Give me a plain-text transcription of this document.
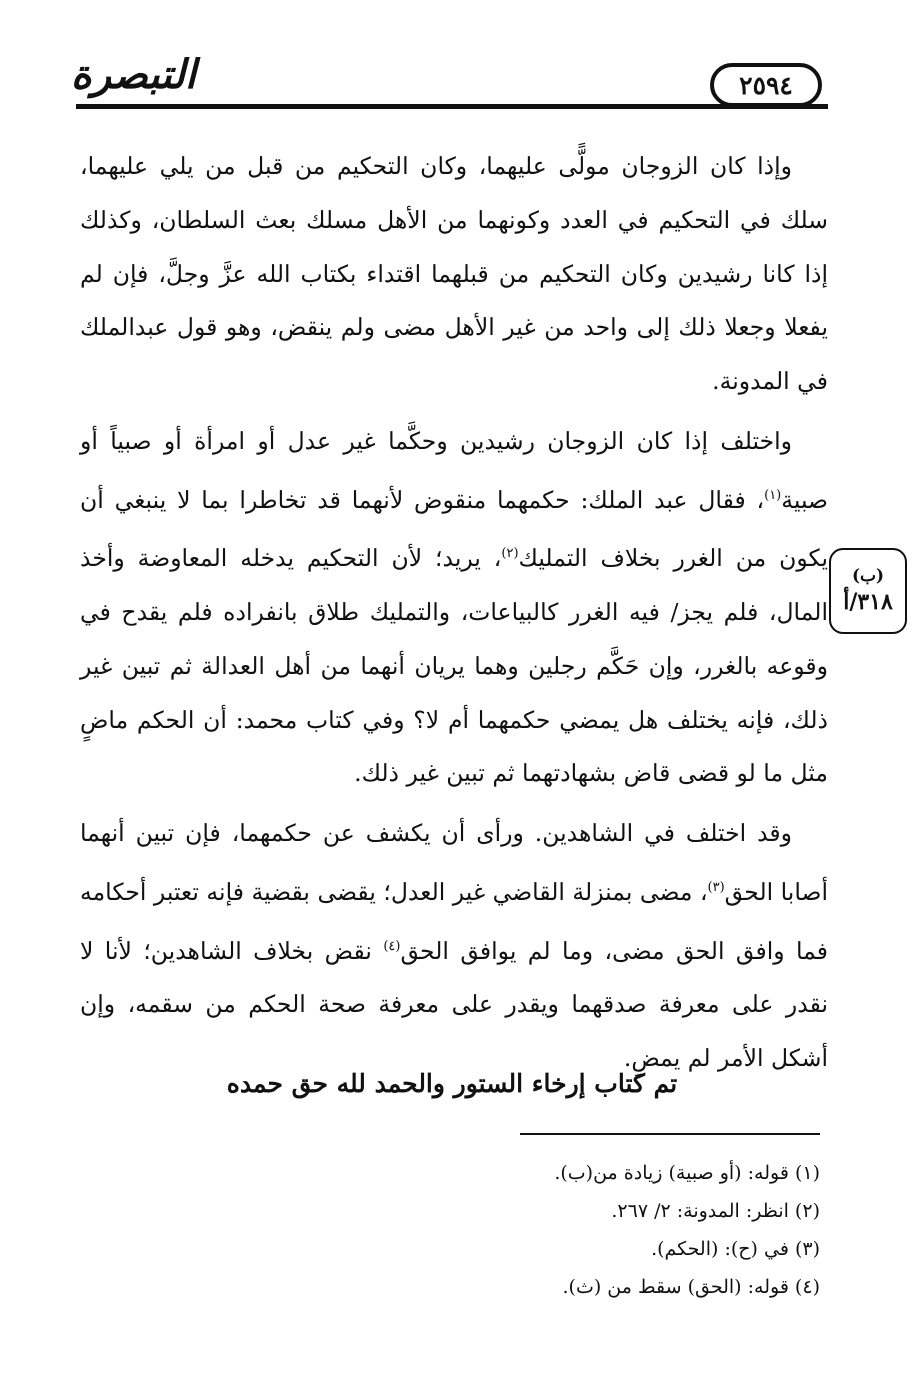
التبصرة	٢٥٩٤
(ب)
٣١٨/أ

وإذا كان الزوجان مولًّى عليهما، وكان التحكيم من قبل من يلي عليهما، سلك في التحكيم في العدد وكونهما من الأهل مسلك بعث السلطان، وكذلك إذا كانا رشيدين وكان التحكيم من قبلهما اقتداء بكتاب الله عزَّ وجلَّ، فإن لم يفعلا وجعلا ذلك إلى واحد من غير الأهل مضى ولم ينقض، وهو قول عبدالملك في المدونة.

واختلف إذا كان الزوجان رشيدين وحكَّما غير عدل أو امرأة أو صبياً أو صبية$^{(١)}$، فقال عبد الملك: حكمهما منقوض لأنهما قد تخاطرا بما لا ينبغي أن يكون من الغرر بخلاف التمليك$^{(٢)}$، يريد؛ لأن التحكيم يدخله المعاوضة وأخذ المال، فلم يجز/ فيه الغرر كالبياعات، والتمليك طلاق بانفراده فلم يقدح في وقوعه بالغرر، وإن حَكَّم رجلين وهما يريان أنهما من أهل العدالة ثم تبين غير ذلك، فإنه يختلف هل يمضي حكمهما أم لا؟ وفي كتاب محمد: أن الحكم ماضٍ مثل ما لو قضى قاض بشهادتهما ثم تبين غير ذلك.

وقد اختلف في الشاهدين. ورأى أن يكشف عن حكمهما، فإن تبين أنهما أصابا الحق$^{(٣)}$، مضى بمنزلة القاضي غير العدل؛ يقضى بقضية فإنه تعتبر أحكامه فما وافق الحق مضى، وما لم يوافق الحق$^{(٤)}$ نقض بخلاف الشاهدين؛ لأنا لا نقدر على معرفة صدقهما ويقدر على معرفة صحة الحكم من سقمه، وإن أشكل الأمر لم يمضِ.

تم كتاب إرخاء الستور والحمد لله حق حمده

(١) قوله: (أو صبية) زيادة من(ب).

(٢) انظر: المدونة: ٢/ ٢٦٧.

(٣) في (ح): (الحكم).

(٤) قوله: (الحق) سقط من (ث).
